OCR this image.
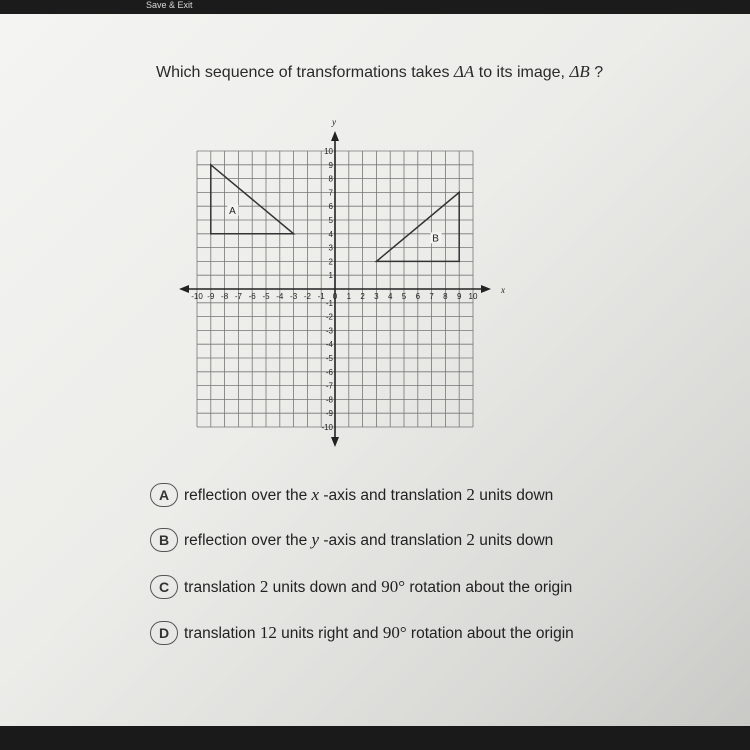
Save & Exit
Which sequence of transformations takes ΔA to its image, ΔB ?
x
y
-10 -9 -8 -7 -6 -5 -4 -3 -2 -1 0 1 2 3 4 5 6 7 8 9 10
10
9
8
7
6
5
4
3
2
1
-1
-2
-3
-4
-5
-6
-7
-8
-9
-10
A
B
A reflection over the x -axis and translation 2 units down
B reflection over the y -axis and translation 2 units down
C translation 2 units down and 90° rotation about the origin
D translation 12 units right and 90° rotation about the origin
